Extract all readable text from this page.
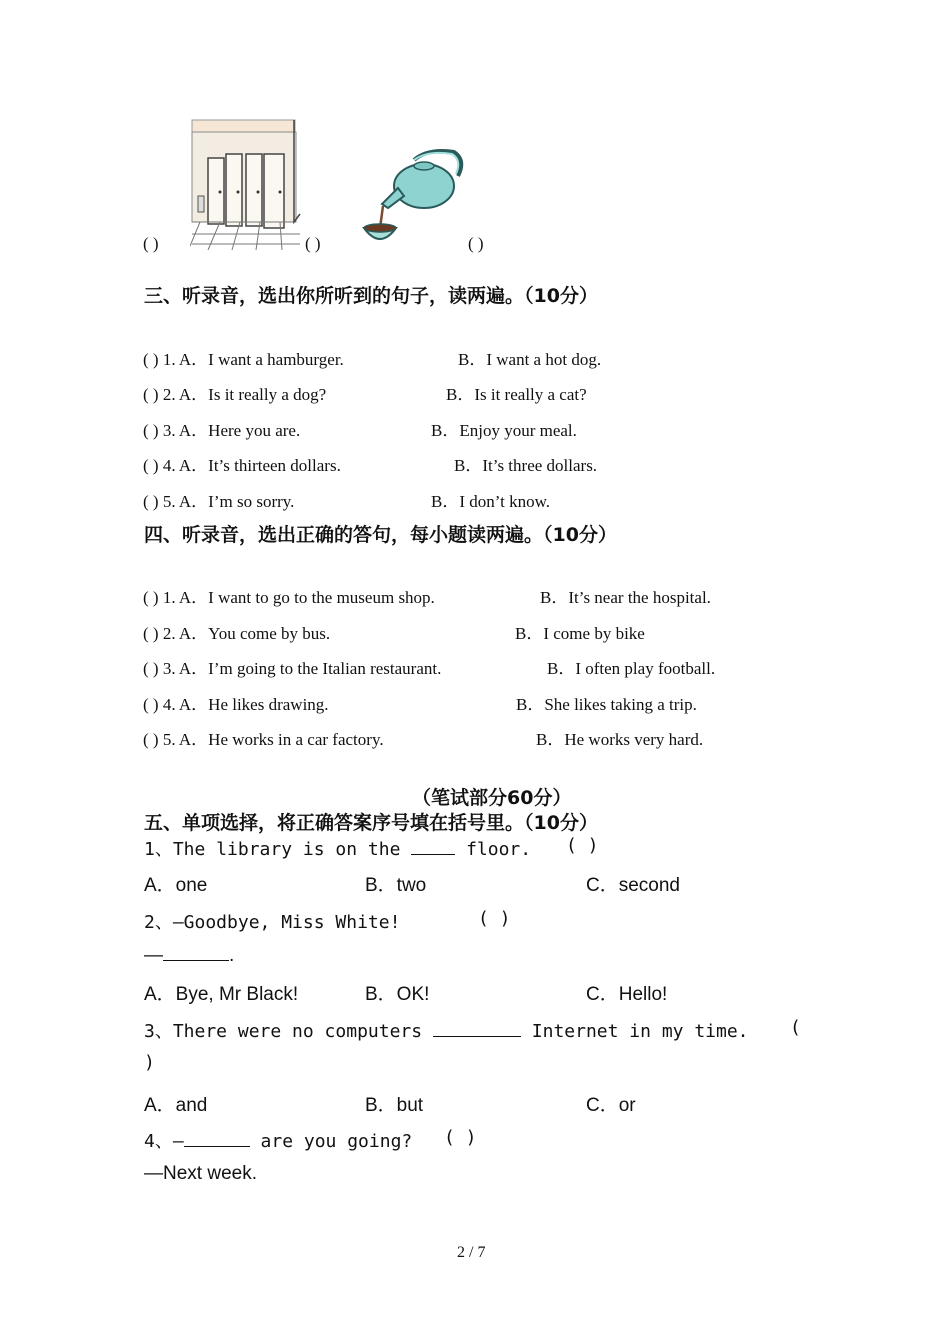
( )	( )	( )
三、听录音，选出你所听到的句子，读两遍。（10分）
( ) 1. A．I want a hamburger.	B．I want a hot dog.
( ) 2. A．Is it really a dog?	B．Is it really a cat?
( ) 3. A．Here you are.	B．Enjoy your meal.
( ) 4. A．It’s thirteen dollars.	B．It’s three dollars.
( ) 5. A．I’m so sorry.	B．I don’t know.
四、听录音，选出正确的答句，每小题读两遍。（10分）
( ) 1. A．I want to go to the museum shop.	B．It’s near the hospital.
( ) 2. A．You come by bus.	B．I come by bike
( ) 3. A．I’m going to the Italian restaurant.	B．I often play football.
( ) 4. A．He likes drawing.	B．She likes taking a trip.
( ) 5. A．He works in a car factory.	B．He works very hard.
（笔试部分60分）
五、单项选择，将正确答案序号填在括号里。（10分）
1、The library is on the  floor. ( )
A．one	B．two	C．second
2、—Goodbye, Miss White!	( )
—	.
A．Bye, Mr Black!	B．OK!	C．Hello!
3、There were no computers	Internet in my time. (
)
A．and	B．but	C．or
4、—	are you going? ( )
—Next week.
2 / 7
